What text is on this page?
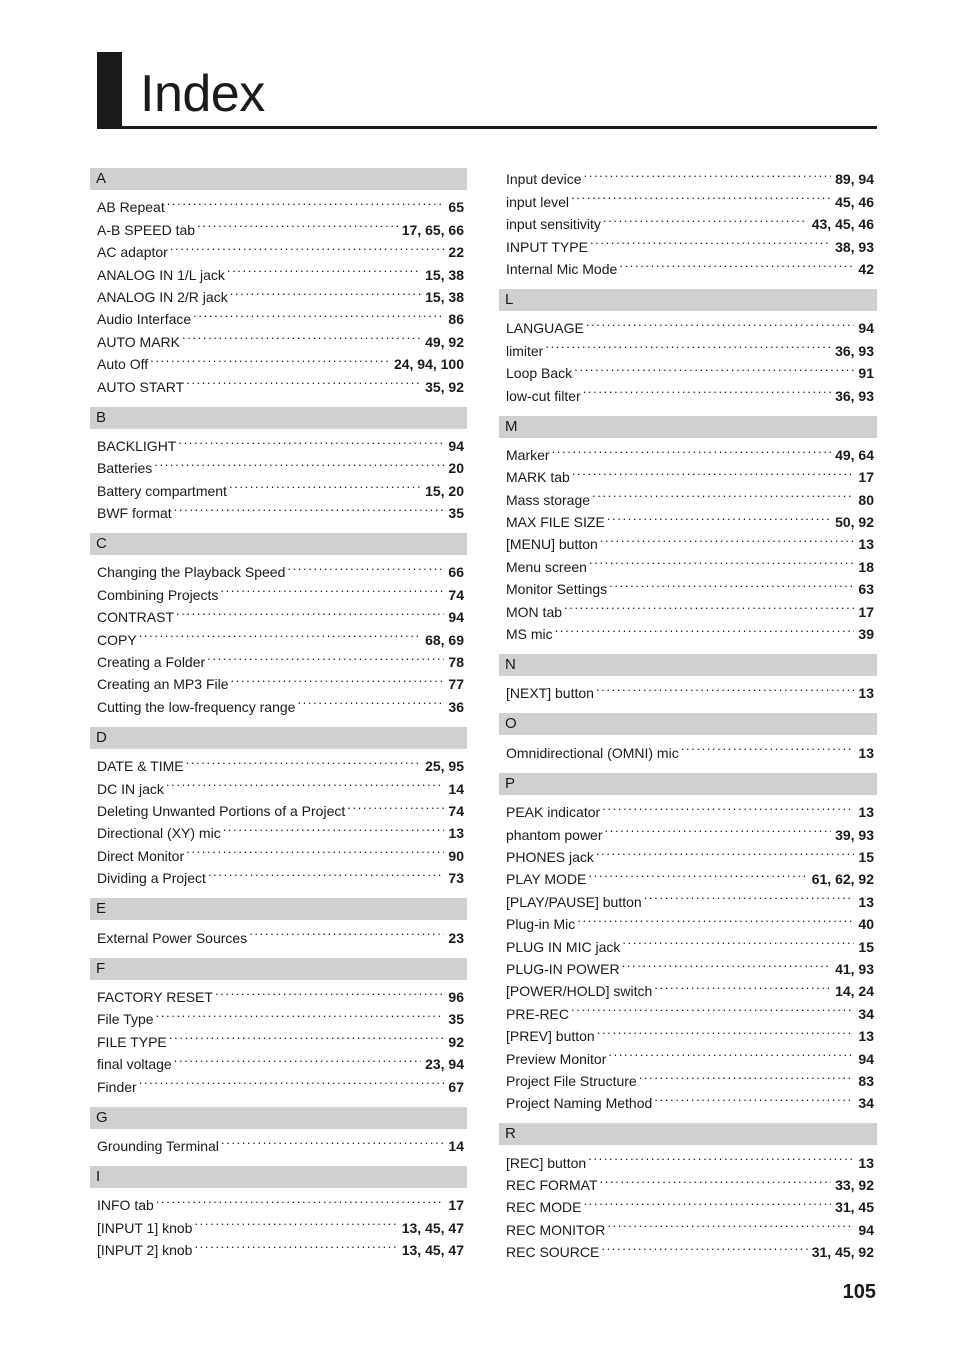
Index
A
AB Repeat . . .	65
A-B SPEED tab . . .	17, 65, 66
AC adaptor . . .	22
ANALOG IN 1/L jack . . .	15, 38
ANALOG IN 2/R jack . . .	15, 38
Audio Interface . . .	86
AUTO MARK . . .	49, 92
Auto Off . . .	24, 94, 100
AUTO START . . .	35, 92
B
BACKLIGHT . . .	94
Batteries . . .	20
Battery compartment . . .	15, 20
BWF format . . .	35
C
Changing the Playback Speed . . .	66
Combining Projects . . .	74
CONTRAST . . .	94
COPY . . .	68, 69
Creating a Folder . . .	78
Creating an MP3 File . . .	77
Cutting the low-frequency range . . .	36
D
DATE & TIME . . .	25, 95
DC IN jack . . .	14
Deleting Unwanted Portions of a Project . . .	74
Directional (XY) mic . . .	13
Direct Monitor . . .	90
Dividing a Project . . .	73
E
External Power Sources . . .	23
F
FACTORY RESET . . .	96
File Type . . .	35
FILE TYPE . . .	92
final voltage . . .	23, 94
Finder . . .	67
G
Grounding Terminal . . .	14
I
INFO tab . . .	17
[INPUT 1] knob . . .	13, 45, 47
[INPUT 2] knob . . .	13, 45, 47
Input device . . .	89, 94
input level . . .	45, 46
input sensitivity . . .	43, 45, 46
INPUT TYPE . . .	38, 93
Internal Mic Mode . . .	42
L
LANGUAGE . . .	94
limiter . . .	36, 93
Loop Back . . .	91
low-cut filter . . .	36, 93
M
Marker . . .	49, 64
MARK tab . . .	17
Mass storage . . .	80
MAX FILE SIZE . . .	50, 92
[MENU] button . . .	13
Menu screen . . .	18
Monitor Settings . . .	63
MON tab . . .	17
MS mic . . .	39
N
[NEXT] button . . .	13
O
Omnidirectional (OMNI) mic . . .	13
P
PEAK indicator . . .	13
phantom power . . .	39, 93
PHONES jack . . .	15
PLAY MODE . . .	61, 62, 92
[PLAY/PAUSE] button . . .	13
Plug-in Mic . . .	40
PLUG IN MIC jack . . .	15
PLUG-IN POWER . . .	41, 93
[POWER/HOLD] switch . . .	14, 24
PRE-REC . . .	34
[PREV] button . . .	13
Preview Monitor . . .	94
Project File Structure . . .	83
Project Naming Method . . .	34
R
[REC] button . . .	13
REC FORMAT . . .	33, 92
REC MODE . . .	31, 45
REC MONITOR . . .	94
REC SOURCE . . .	31, 45, 92
105
